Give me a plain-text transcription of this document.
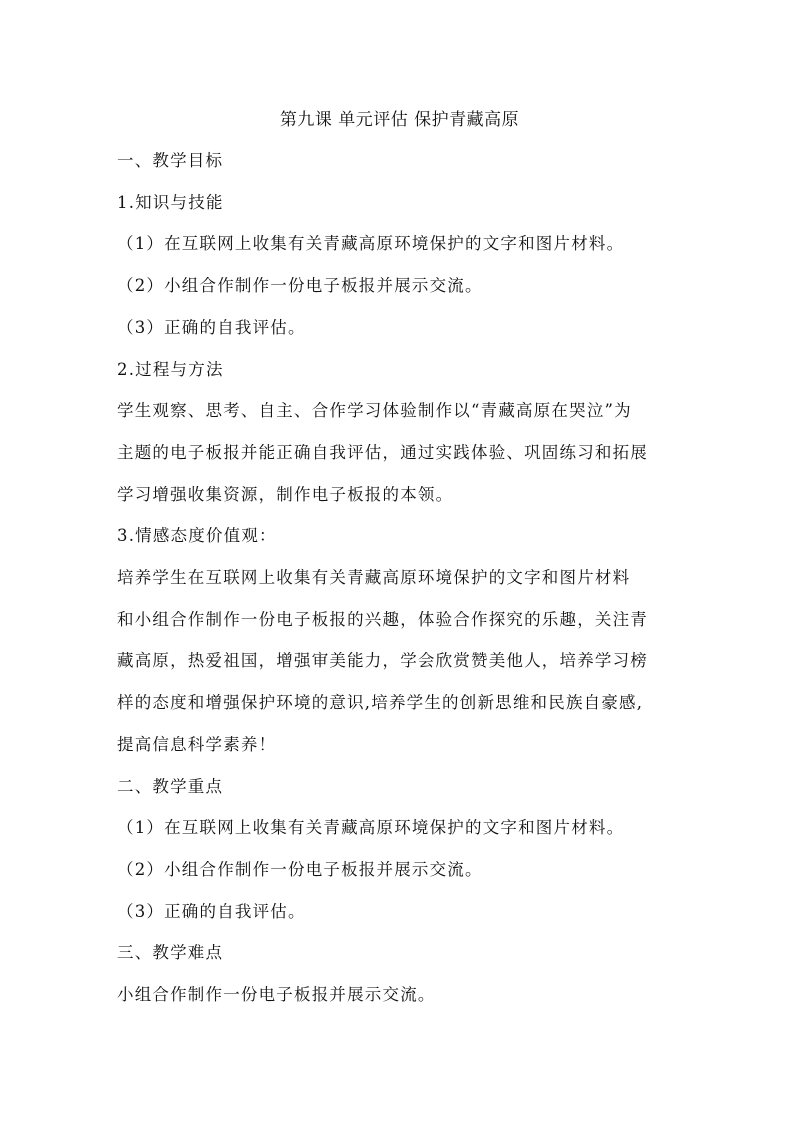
第九课 单元评估 保护青藏高原

一、教学目标

1.知识与技能

（1）在互联网上收集有关青藏高原环境保护的文字和图片材料。

（2）小组合作制作一份电子板报并展示交流。

（3）正确的自我评估。

2.过程与方法

学生观察、思考、自主、合作学习体验制作以“青藏高原在哭泣”为
主题的电子板报并能正确自我评估，通过实践体验、巩固练习和拓展
学习增强收集资源，制作电子板报的本领。

3.情感态度价值观：

培养学生在互联网上收集有关青藏高原环境保护的文字和图片材料
和小组合作制作一份电子板报的兴趣，体验合作探究的乐趣，关注青
藏高原，热爱祖国，增强审美能力，学会欣赏赞美他人，培养学习榜
样的态度和增强保护环境的意识,培养学生的创新思维和民族自豪感,
提高信息科学素养！

二、教学重点

（1）在互联网上收集有关青藏高原环境保护的文字和图片材料。

（2）小组合作制作一份电子板报并展示交流。

（3）正确的自我评估。

三、教学难点

小组合作制作一份电子板报并展示交流。
